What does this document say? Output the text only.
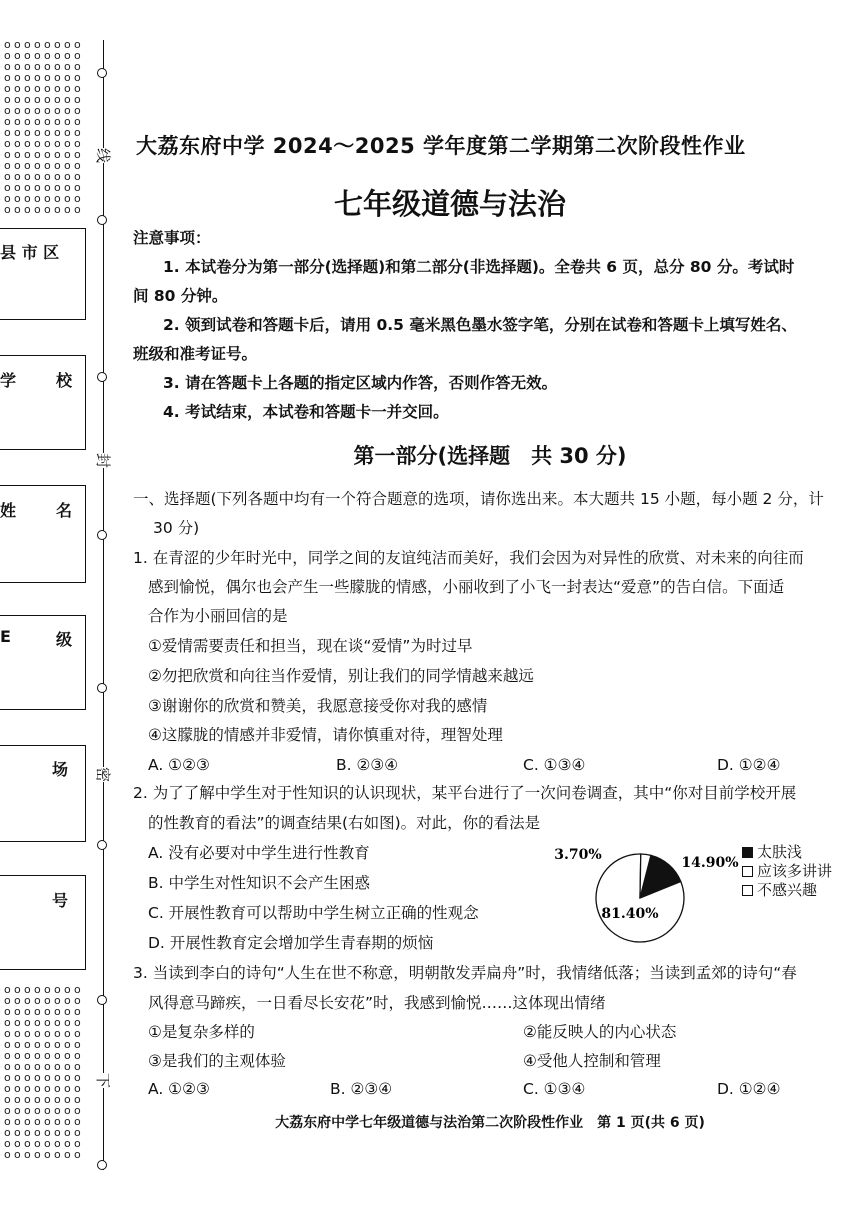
o o o o o o o o
o o o o o o o o
o o o o o o o o
o o o o o o o o
o o o o o o o o
o o o o o o o o
o o o o o o o o
o o o o o o o o
o o o o o o o o
o o o o o o o o
o o o o o o o o
o o o o o o o o
o o o o o o o o
o o o o o o o o
o o o o o o o o
o o o o o o o o
o o o o o o o o
o o o o o o o o
o o o o o o o o
o o o o o o o o
o o o o o o o o
o o o o o o o o
o o o o o o o o
o o o o o o o o
o o o o o o o o
o o o o o o o o
o o o o o o o o
o o o o o o o o
o o o o o o o o
o o o o o o o o
o o o o o o o o
o o o o o o o o
线
封
密
下
县 市 区
学 校
姓 名
E	级
场
号
大荔东府中学 2024～2025 学年度第二学期第二次阶段性作业
七年级道德与法治
注意事项：
1. 本试卷分为第一部分(选择题)和第二部分(非选择题)。全卷共 6 页，总分 80 分。考试时
间 80 分钟。
2. 领到试卷和答题卡后，请用 0.5 毫米黑色墨水签字笔，分别在试卷和答题卡上填写姓名、
班级和准考证号。
3. 请在答题卡上各题的指定区域内作答，否则作答无效。
4. 考试结束，本试卷和答题卡一并交回。
第一部分(选择题　共 30 分)
一、选择题(下列各题中均有一个符合题意的选项，请你选出来。本大题共 15 小题，每小题 2 分，计
30 分)
1. 在青涩的少年时光中，同学之间的友谊纯洁而美好，我们会因为对异性的欣赏、对未来的向往而
感到愉悦，偶尔也会产生一些朦胧的情感，小丽收到了小飞一封表达“爱意”的告白信。下面适
合作为小丽回信的是
①爱情需要责任和担当，现在谈“爱情”为时过早
②勿把欣赏和向往当作爱情，别让我们的同学情越来越远
③谢谢你的欣赏和赞美，我愿意接受你对我的感情
④这朦胧的情感并非爱情，请你慎重对待，理智处理
A. ①②③	B. ②③④	C. ①③④	D. ①②④
2. 为了了解中学生对于性知识的认识现状，某平台进行了一次问卷调查，其中“你对目前学校开展
的性教育的看法”的调查结果(右如图)。对此，你的看法是
A. 没有必要对中学生进行性教育
B. 中学生对性知识不会产生困惑
C. 开展性教育可以帮助中学生树立正确的性观念
D. 开展性教育定会增加学生青春期的烦恼
14.90%
81.40%
3.70%	太肤浅
应该多讲讲
不感兴趣
3. 当读到李白的诗句“人生在世不称意，明朝散发弄扁舟”时，我情绪低落；当读到孟郊的诗句“春
风得意马蹄疾，一日看尽长安花”时，我感到愉悦……这体现出情绪
①是复杂多样的	②能反映人的内心状态
③是我们的主观体验	④受他人控制和管理
A. ①②③	B. ②③④	C. ①③④	D. ①②④
大荔东府中学七年级道德与法治第二次阶段性作业　第 1 页(共 6 页)
